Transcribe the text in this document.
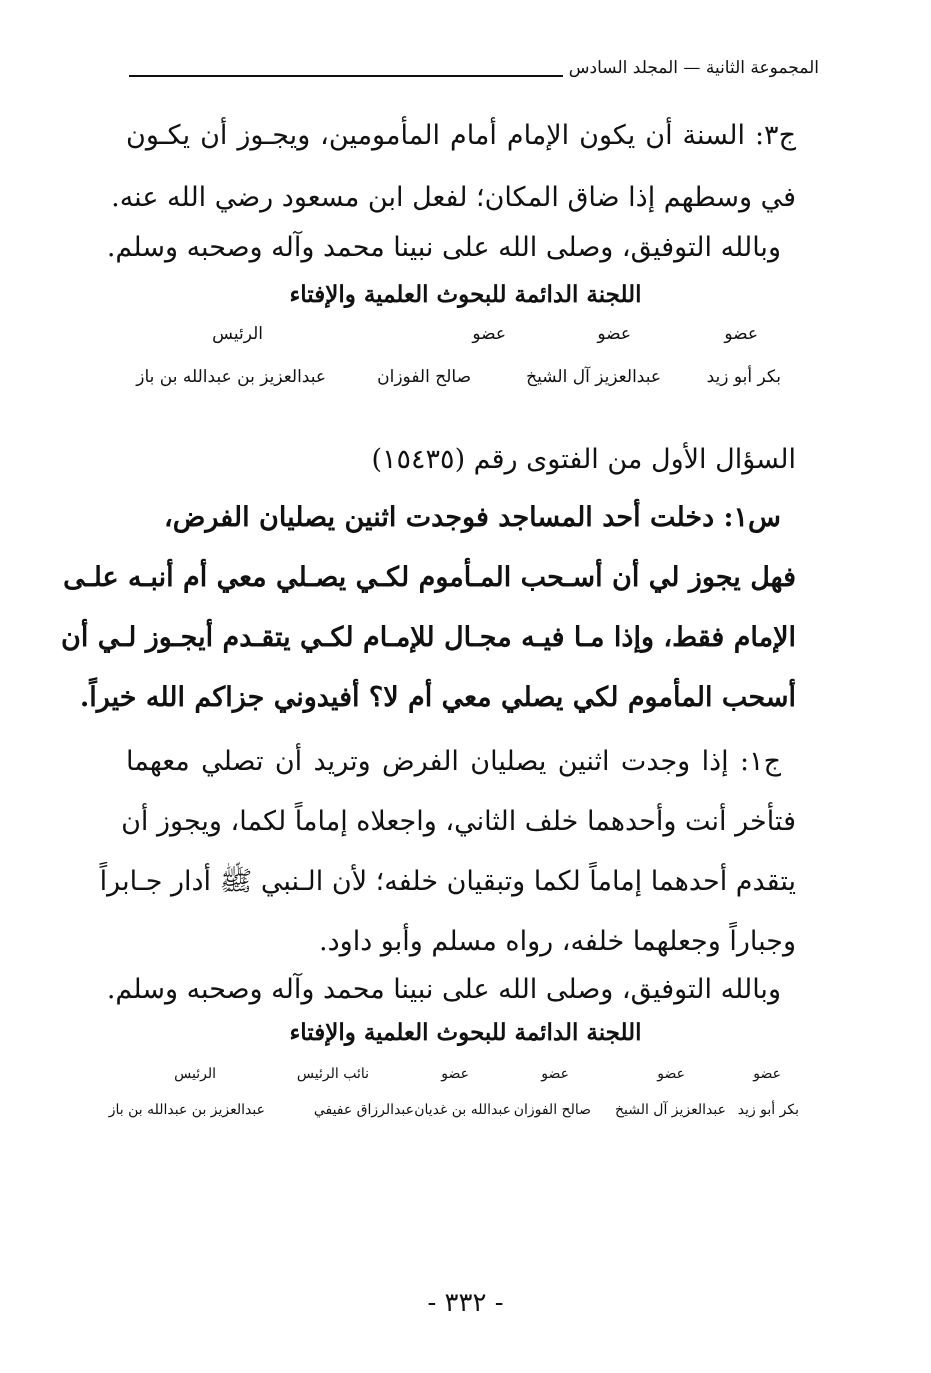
المجموعة الثانية — المجلد السادس
ج٣: السنة أن يكون الإمام أمام المأمومين، ويجـوز أن يكـون
في وسطهم إذا ضاق المكان؛ لفعل ابن مسعود رضي الله عنه.
وبالله التوفيق، وصلى الله على نبينا محمد وآله وصحبه وسلم.
اللجنة الدائمة للبحوث العلمية والإفتاء
عضو
عضو
عضو
الرئيس
بكر أبو زيد
عبدالعزيز آل الشيخ
صالح الفوزان
عبدالعزيز بن عبدالله بن باز
السؤال الأول من الفتوى رقم (١٥٤٣٥)
س١: دخلت أحد المساجد فوجدت اثنين يصليان الفرض،
فهل يجوز لي أن أسـحب المـأموم لكـي يصـلي معي أم أنبـه علـى
الإمام فقط، وإذا مـا فيـه مجـال للإمـام لكـي يتقـدم أيجـوز لـي أن
أسحب المأموم لكي يصلي معي أم لا؟ أفيدوني جزاكم الله خيراً.
ج١: إذا وجدت اثنين يصليان الفرض وتريد أن تصلي معهما
فتأخر أنت وأحدهما خلف الثاني، واجعلاه إماماً لكما، ويجوز أن
يتقدم أحدهما إماماً لكما وتبقيان خلفه؛ لأن الـنبي ﷺ أدار جـابراً
وجباراً وجعلهما خلفه، رواه مسلم وأبو داود.
وبالله التوفيق، وصلى الله على نبينا محمد وآله وصحبه وسلم.
اللجنة الدائمة للبحوث العلمية والإفتاء
عضو
عضو
عضو
عضو
نائب الرئيس
الرئيس
بكر أبو زيد
عبدالعزيز آل الشيخ
صالح الفوزان
عبدالله بن غديان
عبدالرزاق عفيفي
عبدالعزيز بن عبدالله بن باز
- ٣٣٢ -
